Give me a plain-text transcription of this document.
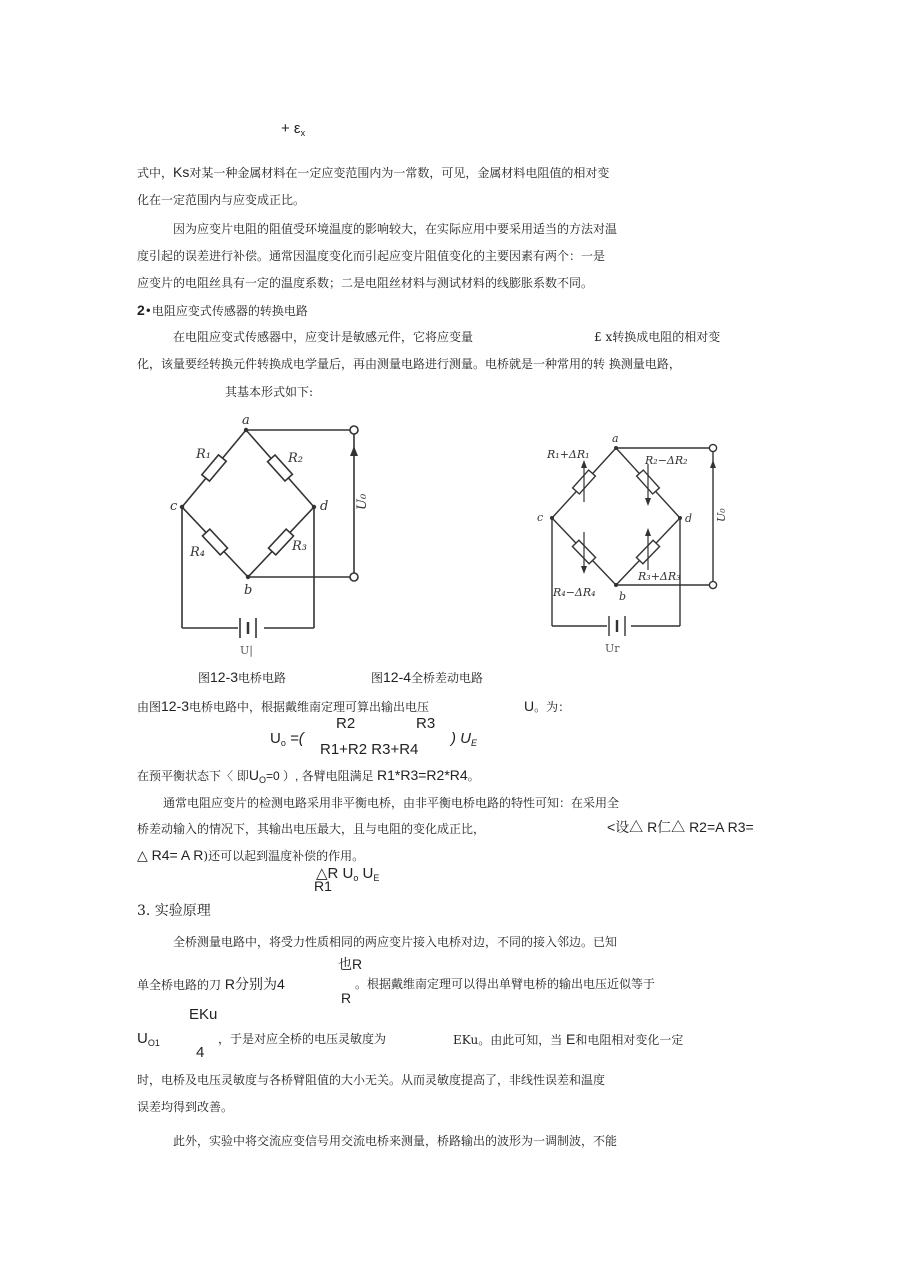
+ $\varepsilon_x$
式中，Ks对某一种金属材料在一定应变范围内为一常数，可见，金属材料电阻值的相对变
化在一定范围内与应变成正比。
因为应变片电阻的阻值受环境温度的影响较大，在实际应用中要采用适当的方法对温
度引起的误差进行补偿。通常因温度变化而引起应变片阻值变化的主要因素有两个：一是
应变片的电阻丝具有一定的温度系数；二是电阻丝材料与测试材料的线膨胀系数不同。
2•电阻应变式传感器的转换电路
在电阻应变式传感器中，应变计是敏感元件，它将应变量	£ x转换成电阻的相对变
化，该量要经转换元件转换成电学量后，再由测量电路进行测量。电桥就是一种常用的转 换测量电路，
其基本形式如下:
a
b
c	d
R₁	R₂
R₃
R₄
U₀
U|
a
b
c	d
R₁+ΔR₁	R₂−ΔR₂
R₃+ΔR₃
R₄−ΔR₄
U₀
Ur
图12-3电桥电路	图12-4全桥差动电路
由图12-3电桥电路中，根据戴维南定理可算出输出电压	U。为：
R2	R3
$U_o$ =(	) $U_E$
R1+R2 R3+R4
在预平衡状态下〈 即$U_O=0$ ）, 各臂电阻满足 R1*R3=R2*R4。
通常电阻应变片的检测电路采用非平衡电桥，由非平衡电桥电路的特性可知：在采用全
桥差动输入的情况下，其输出电压最大，且与电阻的变化成正比，	<设△ R仁△ R2=A R3=
△ R4= A R)还可以起到温度补偿的作用。
△R $U_o$ $U_E$
R1
3. 实验原理
全桥测量电路中，将受力性质相同的两应变片接入电桥对边，不同的接入邻边。已知
也R
单全桥电路的刀 R分别为4
R
。根据戴维南定理可以得出单臂电桥的输出电压近似等于
EKu
$U_{O1}$	，于是对应全桥的电压灵敏度为	EKu。由此可知，当 E和电阻相对变化一定
4
时，电桥及电压灵敏度与各桥臂阻值的大小无关。从而灵敏度提高了，非线性误差和温度
误差均得到改善。
此外，实验中将交流应变信号用交流电桥来测量，桥路输出的波形为一调制波，不能
